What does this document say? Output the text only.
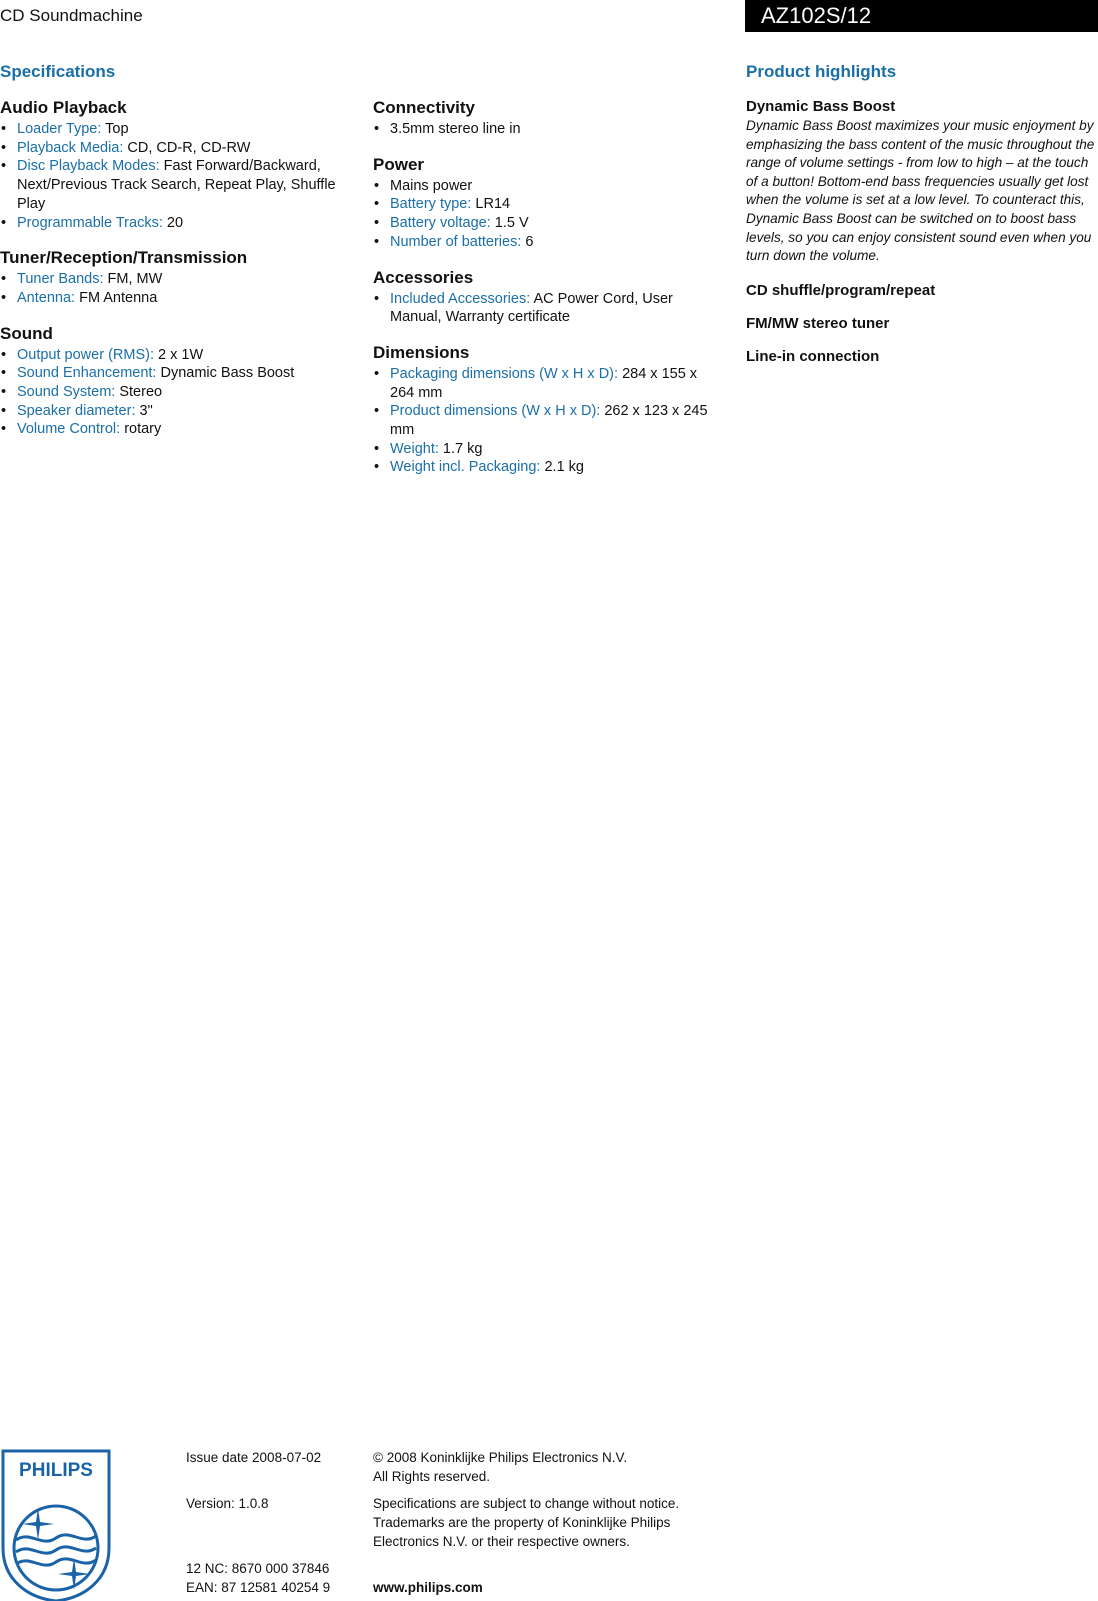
CD Soundmachine	AZ102S/12
Specifications	Product highlights
Audio Playback
• Loader Type: Top
• Playback Media: CD, CD-R, CD-RW
• Disc Playback Modes: Fast Forward/Backward, Next/Previous Track Search, Repeat Play, Shuffle Play
• Programmable Tracks: 20
Tuner/Reception/Transmission
• Tuner Bands: FM, MW
• Antenna: FM Antenna
Sound
• Output power (RMS): 2 x 1W
• Sound Enhancement: Dynamic Bass Boost
• Sound System: Stereo
• Speaker diameter: 3"
• Volume Control: rotary
Connectivity
• 3.5mm stereo line in
Power
• Mains power
• Battery type: LR14
• Battery voltage: 1.5 V
• Number of batteries: 6
Accessories
• Included Accessories: AC Power Cord, User Manual, Warranty certificate
Dimensions
• Packaging dimensions (W x H x D): 284 x 155 x 264 mm
• Product dimensions (W x H x D): 262 x 123 x 245 mm
• Weight: 1.7 kg
• Weight incl. Packaging: 2.1 kg
Dynamic Bass Boost

Dynamic Bass Boost maximizes your music enjoyment by emphasizing the bass content of the music throughout the range of volume settings - from low to high – at the touch of a button! Bottom-end bass frequencies usually get lost when the volume is set at a low level. To counteract this, Dynamic Bass Boost can be switched on to boost bass levels, so you can enjoy consistent sound even when you turn down the volume.

CD shuffle/program/repeat
FM/MW stereo tuner
Line-in connection
PHILIPS
Issue date 2008-07-02
Version: 1.0.8
12 NC: 8670 000 37846
EAN: 87 12581 40254 9
© 2008 Koninklijke Philips Electronics N.V.
All Rights reserved.
Specifications are subject to change without notice.
Trademarks are the property of Koninklijke Philips
Electronics N.V. or their respective owners.
www.philips.com
